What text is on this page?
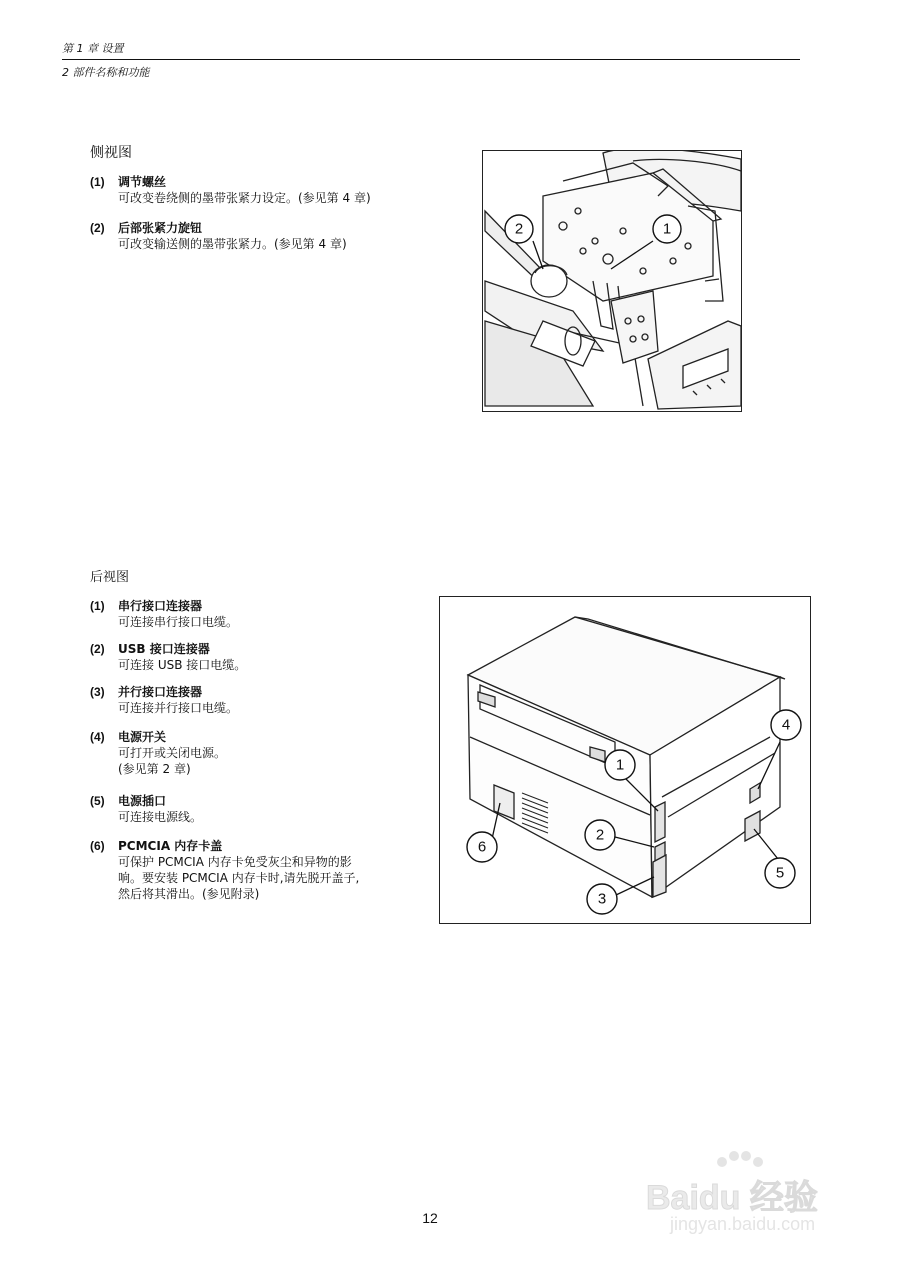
第 1 章 设置
2 部件名称和功能
侧视图
(1) 调节螺丝
可改变卷绕侧的墨带张紧力设定。(参见第 4 章)
(2) 后部张紧力旋钮
可改变输送侧的墨带张紧力。(参见第 4 章)
1
2
后视图
(1) 串行接口连接器
可连接串行接口电缆。
(2) USB 接口连接器
可连接 USB 接口电缆。
(3) 并行接口连接器
可连接并行接口电缆。
(4) 电源开关
可打开或关闭电源。
(参见第 2 章)
(5) 电源插口
可连接电源线。
(6) PCMCIA 内存卡盖
可保护 PCMCIA 内存卡免受灰尘和异物的影
响。要安装 PCMCIA 内存卡时,请先脱开盖子,
然后将其滑出。(参见附录)
1
2
3
4
5
6
12
Baidu 经验
jingyan.baidu.com
